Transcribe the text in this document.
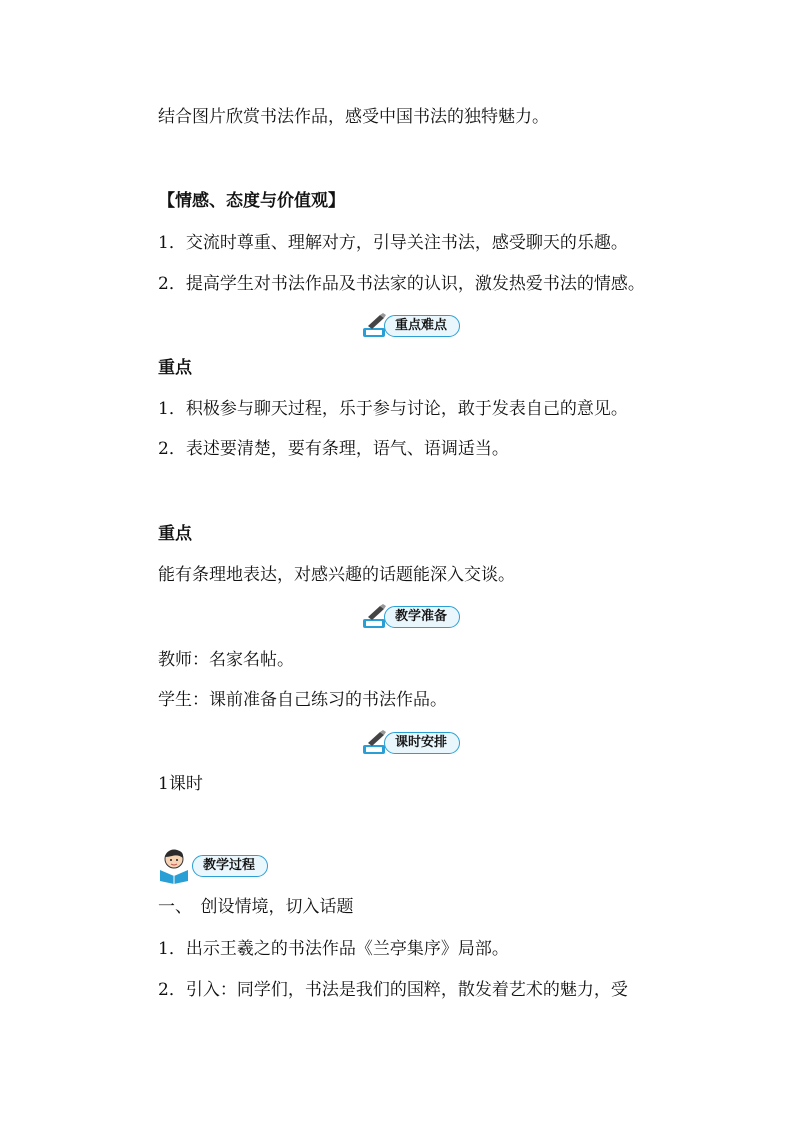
结合图片欣赏书法作品，感受中国书法的独特魅力。
【情感、态度与价值观】
1．交流时尊重、理解对方，引导关注书法，感受聊天的乐趣。
2．提高学生对书法作品及书法家的认识，激发热爱书法的情感。
重点难点
重点
1．积极参与聊天过程，乐于参与讨论，敢于发表自己的意见。
2．表述要清楚，要有条理，语气、语调适当。
重点
能有条理地表达，对感兴趣的话题能深入交谈。
教学准备
教师：名家名帖。
学生：课前准备自己练习的书法作品。
课时安排
1课时
教学过程
一、　创设情境，切入话题
1．出示王羲之的书法作品《兰亭集序》局部。
2．引入：同学们，书法是我们的国粹，散发着艺术的魅力，受
